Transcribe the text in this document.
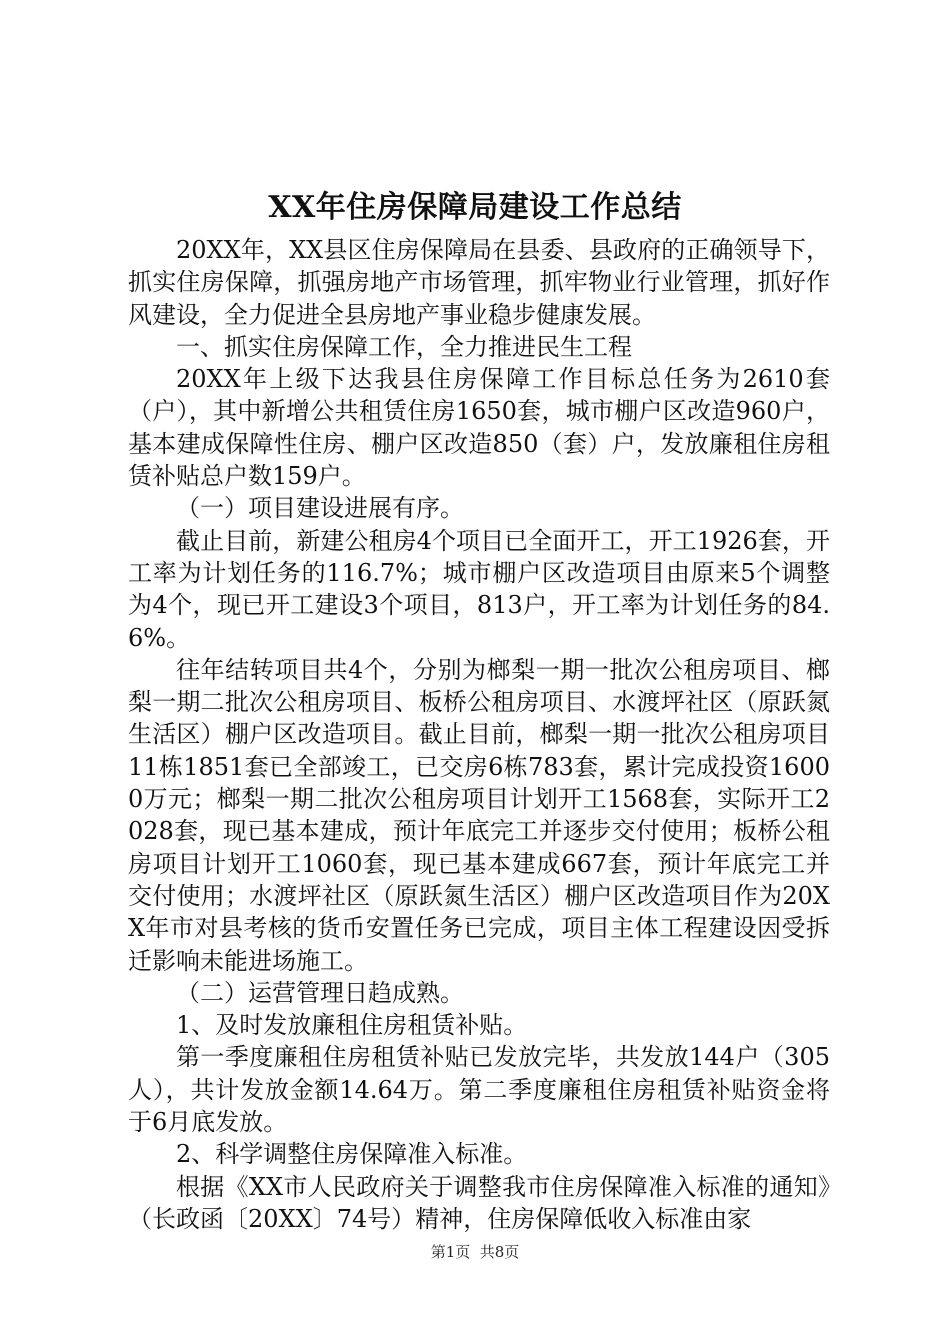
XX年住房保障局建设工作总结

20XX年，XX县区住房保障局在县委、县政府的正确领导下，抓实住房保障，抓强房地产市场管理，抓牢物业行业管理，抓好作风建设，全力促进全县房地产事业稳步健康发展。

一、抓实住房保障工作，全力推进民生工程

20XX年上级下达我县住房保障工作目标总任务为2610套（户），其中新增公共租赁住房1650套，城市棚户区改造960户，基本建成保障性住房、棚户区改造850（套）户，发放廉租住房租赁补贴总户数159户。

（一）项目建设进展有序。

截止目前，新建公租房4个项目已全面开工，开工1926套，开工率为计划任务的116.7%；城市棚户区改造项目由原来5个调整为4个，现已开工建设3个项目，813户，开工率为计划任务的84.6%。

往年结转项目共4个，分别为榔梨一期一批次公租房项目、榔梨一期二批次公租房项目、板桥公租房项目、水渡坪社区（原跃氮生活区）棚户区改造项目。截止目前，榔梨一期一批次公租房项目11栋1851套已全部竣工，已交房6栋783套，累计完成投资16000万元；榔梨一期二批次公租房项目计划开工1568套，实际开工2028套，现已基本建成，预计年底完工并逐步交付使用；板桥公租房项目计划开工1060套，现已基本建成667套，预计年底完工并交付使用；水渡坪社区（原跃氮生活区）棚户区改造项目作为20XX年市对县考核的货币安置任务已完成，项目主体工程建设因受拆迁影响未能进场施工。

（二）运营管理日趋成熟。

1、及时发放廉租住房租赁补贴。

第一季度廉租住房租赁补贴已发放完毕，共发放144户（305人），共计发放金额14.64万。第二季度廉租住房租赁补贴资金将于6月底发放。

2、科学调整住房保障准入标准。

根据《XX市人民政府关于调整我市住房保障准入标准的通知》（长政函〔20XX〕74号）精神，住房保障低收入标准由家

第1页  共8页
